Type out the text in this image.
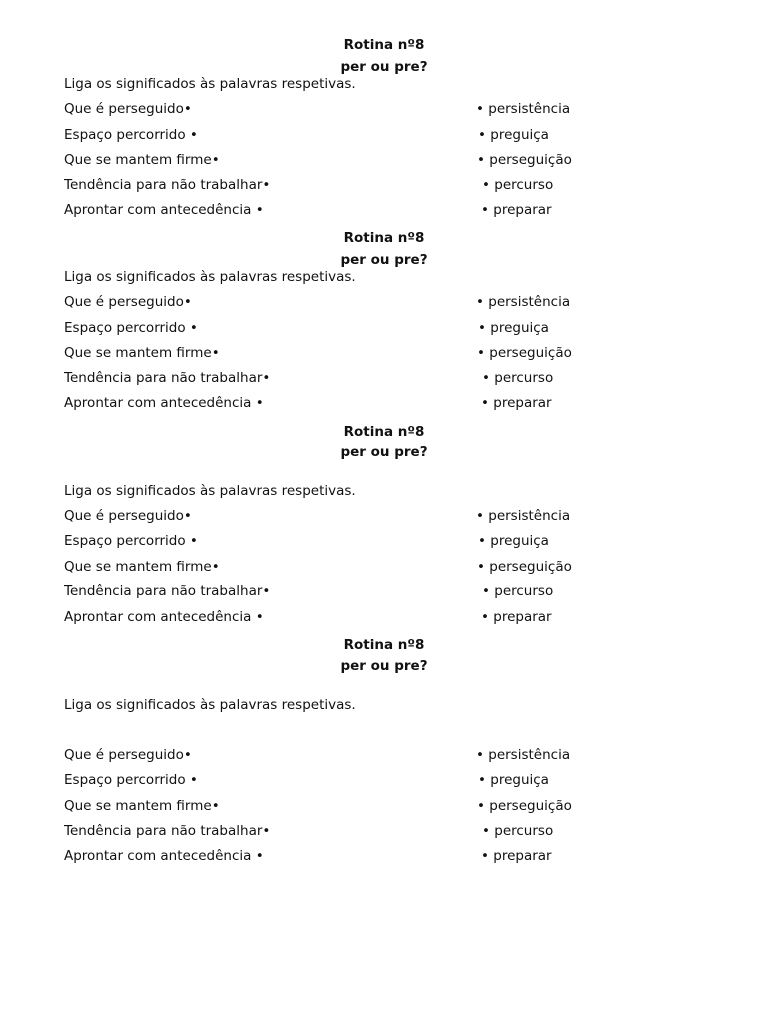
Rotina nº8
per ou pre?
Liga os significados às palavras respetivas.
Que é perseguido•	• persistência
Espaço percorrido •	• preguiça
Que se mantem firme•	• perseguição
Tendência para não trabalhar•	• percurso
Aprontar com antecedência •	• preparar
Rotina nº8
per ou pre?
Liga os significados às palavras respetivas.
Que é perseguido•	• persistência
Espaço percorrido •	• preguiça
Que se mantem firme•	• perseguição
Tendência para não trabalhar•	• percurso
Aprontar com antecedência •	• preparar
Rotina nº8
per ou pre?
Liga os significados às palavras respetivas.
Que é perseguido•	• persistência
Espaço percorrido •	• preguiça
Que se mantem firme•	• perseguição
Tendência para não trabalhar•	• percurso
Aprontar com antecedência •	• preparar
Rotina nº8
per ou pre?
Liga os significados às palavras respetivas.
Que é perseguido•	• persistência
Espaço percorrido •	• preguiça
Que se mantem firme•	• perseguição
Tendência para não trabalhar•	• percurso
Aprontar com antecedência •	• preparar
